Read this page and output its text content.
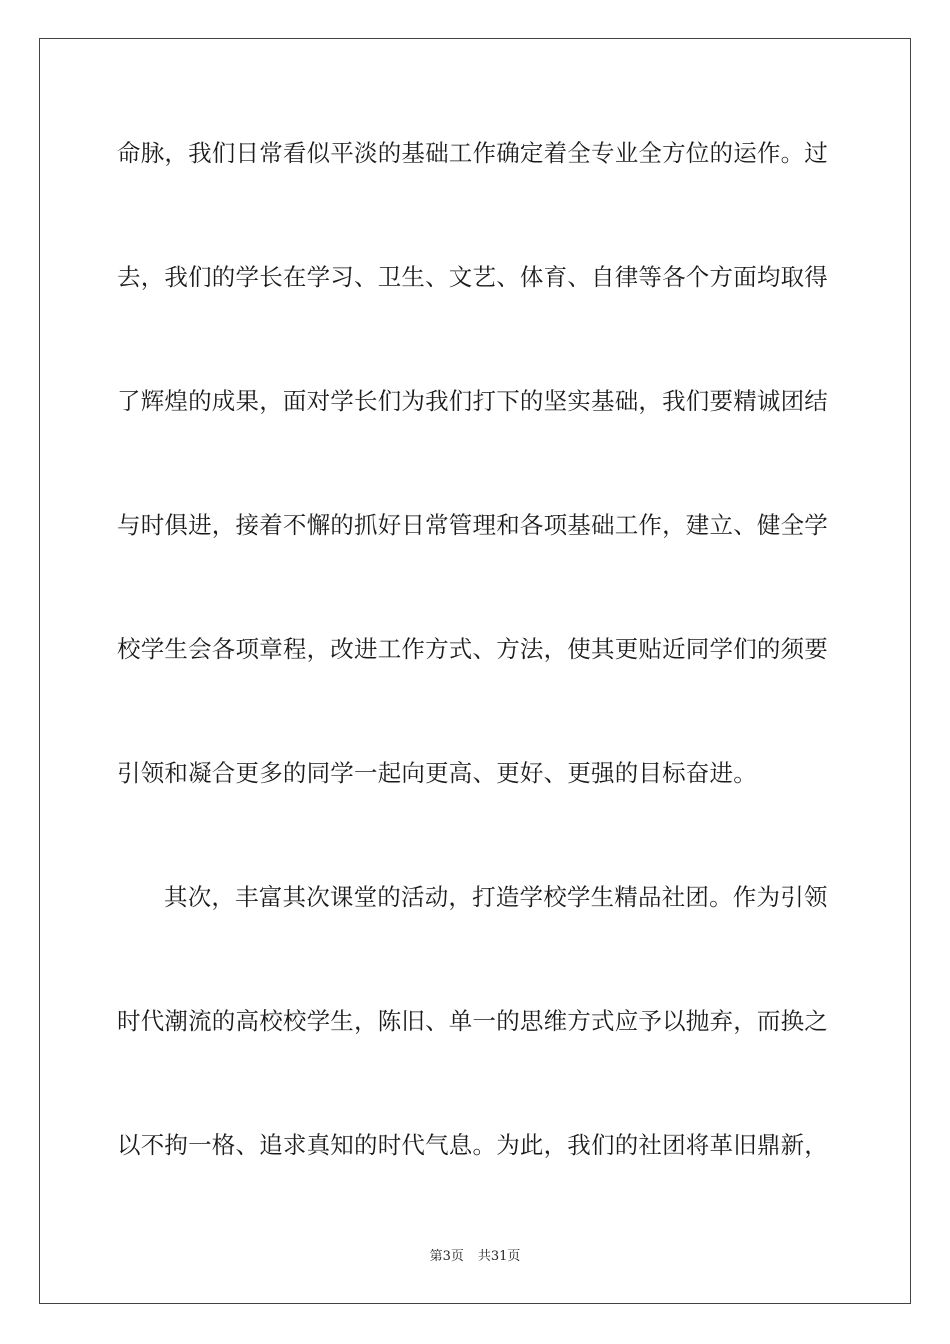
命脉，我们日常看似平淡的基础工作确定着全专业全方位的运作。过
去，我们的学长在学习、卫生、文艺、体育、自律等各个方面均取得
了辉煌的成果，面对学长们为我们打下的坚实基础，我们要精诚团结
与时俱进，接着不懈的抓好日常管理和各项基础工作，建立、健全学
校学生会各项章程，改进工作方式、方法，使其更贴近同学们的须要
引领和凝合更多的同学一起向更高、更好、更强的目标奋进。
其次，丰富其次课堂的活动，打造学校学生精品社团。作为引领
时代潮流的高校校学生，陈旧、单一的思维方式应予以抛弃，而换之
以不拘一格、追求真知的时代气息。为此，我们的社团将革旧鼎新，
第3页 共31页
